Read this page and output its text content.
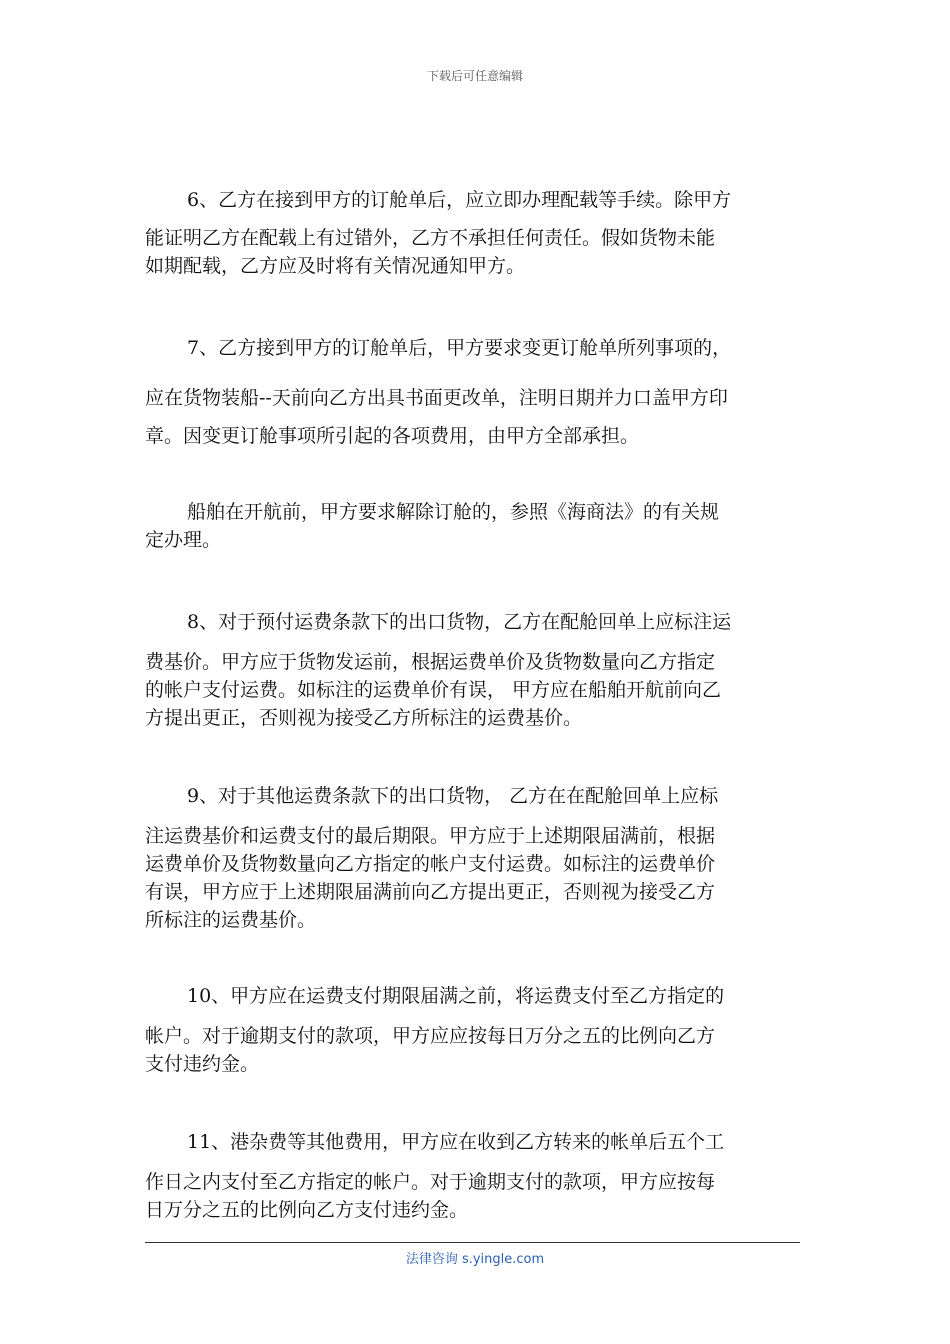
下载后可任意编辑
6、乙方在接到甲方的订舱单后，应立即办理配载等手续。除甲方
能证明乙方在配载上有过错外，乙方不承担任何责任。假如货物未能
如期配载，乙方应及时将有关情况通知甲方。
7、乙方接到甲方的订舱单后，甲方要求变更订舱单所列事项的，
应在货物装船--天前向乙方出具书面更改单，注明日期并力口盖甲方印
章。因变更订舱事项所引起的各项费用，由甲方全部承担。
船舶在开航前，甲方要求解除订舱的，参照《海商法》的有关规
定办理。
8、对于预付运费条款下的出口货物，乙方在配舱回单上应标注运
费基价。甲方应于货物发运前，根据运费单价及货物数量向乙方指定
的帐户支付运费。如标注的运费单价有误， 甲方应在船舶开航前向乙
方提出更正，否则视为接受乙方所标注的运费基价。
9、对于其他运费条款下的出口货物， 乙方在在配舱回单上应标
注运费基价和运费支付的最后期限。甲方应于上述期限届满前，根据
运费单价及货物数量向乙方指定的帐户支付运费。如标注的运费单价
有误，甲方应于上述期限届满前向乙方提出更正，否则视为接受乙方
所标注的运费基价。
10、甲方应在运费支付期限届满之前，将运费支付至乙方指定的
帐户。对于逾期支付的款项，甲方应应按每日万分之五的比例向乙方
支付违约金。
11、港杂费等其他费用，甲方应在收到乙方转来的帐单后五个工
作日之内支付至乙方指定的帐户。对于逾期支付的款项，甲方应按每
日万分之五的比例向乙方支付违约金。
法律咨询 s.yingle.com
